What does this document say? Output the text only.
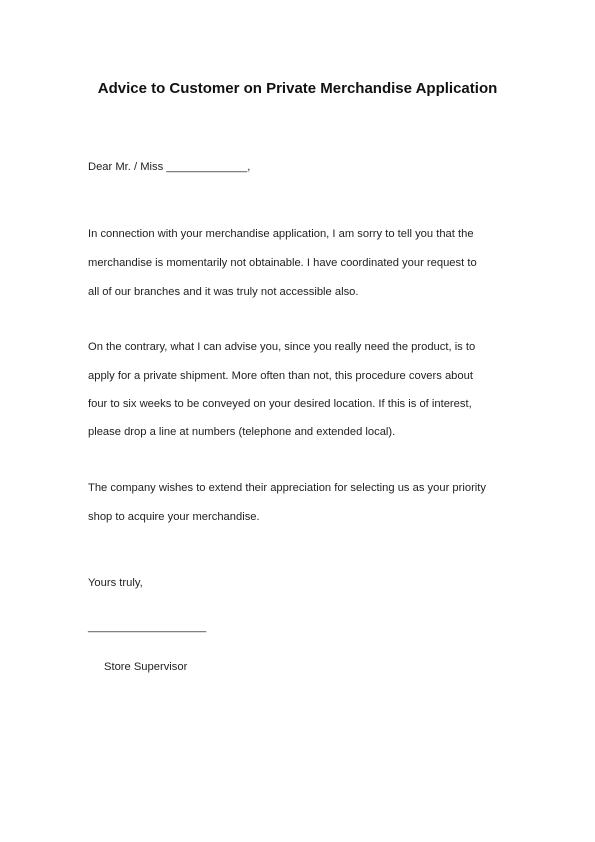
Advice to Customer on Private Merchandise Application
Dear Mr. / Miss _____________,
In connection with your merchandise application, I am sorry to tell you that the
merchandise is momentarily not obtainable. I have coordinated your request to
all of our branches and it was truly not accessible also.
On the contrary, what I can advise you, since you really need the product, is to
apply for a private shipment. More often than not, this procedure covers about
four to six weeks to be conveyed on your desired location. If this is of interest,
please drop a line at numbers (telephone and extended local).
The company wishes to extend their appreciation for selecting us as your priority
shop to acquire your merchandise.
Yours truly,
___________________
Store Supervisor
